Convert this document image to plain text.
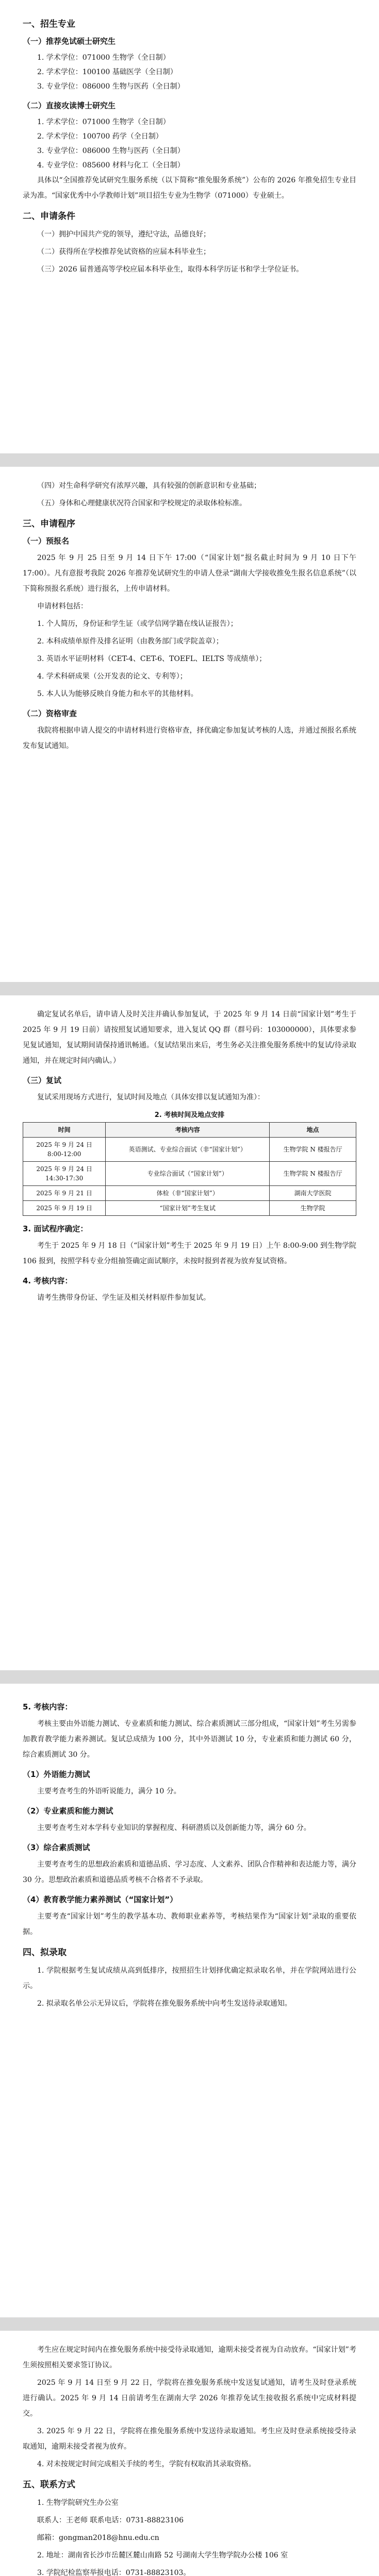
一、招生专业
（一）推荐免试硕士研究生

1. 学术学位：071000 生物学（全日制）

2. 学术学位：100100 基础医学（全日制）

3. 专业学位：086000 生物与医药（全日制）

（二）直接攻读博士研究生

1. 学术学位：071000 生物学（全日制）

2. 学术学位：100700 药学（全日制）

3. 专业学位：086000 生物与医药（全日制）

4. 专业学位：085600 材料与化工（全日制）

具体以“全国推荐免试研究生服务系统（以下简称“推免服务系统”）公布的 2026 年推免招生专业目录为准。“国家优秀中小学教师计划”项目招生专业为生物学（071000）专业硕士。

二、申请条件

（一）拥护中国共产党的领导，遵纪守法，品德良好；

（二）获得所在学校推荐免试资格的应届本科毕业生；

（三）2026 届普通高等学校应届本科毕业生，取得本科学历证书和学士学位证书。

（四）对生命科学研究有浓厚兴趣，具有较强的创新意识和专业基础；

（五）身体和心理健康状况符合国家和学校规定的录取体检标准。

三、申请程序
（一）预报名

2025 年 9 月 25 日至 9 月 14 日下午 17:00（“国家计划”报名截止时间为 9 月 10 日下午 17:00）。凡有意报考我院 2026 年推荐免试研究生的申请人登录“湖南大学接收推免生报名信息系统”（以下简称预报名系统）进行报名，上传申请材料。

申请材料包括：

1. 个人简历，身份证和学生证（或学信网学籍在线认证报告）；

2. 本科成绩单原件及排名证明（由教务部门或学院盖章）；

3. 英语水平证明材料（CET-4、CET-6、TOEFL、IELTS 等成绩单）；

4. 学术科研成果（公开发表的论文、专利等）；

5. 本人认为能够反映自身能力和水平的其他材料。

（二）资格审查

我院将根据申请人提交的申请材料进行资格审查，择优确定参加复试考核的人选，并通过预报名系统发布复试通知。

确定复试名单后，请申请人及时关注并确认参加复试，于 2025 年 9 月 14 日前“国家计划”考生于 2025 年 9 月 19 日前）请按照复试通知要求，进入复试 QQ 群（群号码：103000000），具体要求参见复试通知，复试期间请保持通讯畅通。（复试结果出来后，考生务必关注推免服务系统中的复试/待录取通知，并在规定时间内确认。）

（三）复试

复试采用现场方式进行，复试时间及地点（具体安排以复试通知为准）：

2. 考核时间及地点安排
时间	考核内容	地点
2025 年 9 月 24 日
8:00-12:00	英语测试、专业综合面试（非“国家计划”）	生物学院 N 楼报告厅
2025 年 9 月 24 日
14:30-17:30	专业综合面试（“国家计划”）	生物学院 N 楼报告厅
2025 年 9 月 21 日	体检（非“国家计划”）	湖南大学医院
2025 年 9 月 19 日	“国家计划”考生复试	生物学院
3. 面试程序确定：

考生于 2025 年 9 月 18 日（“国家计划”考生于 2025 年 9 月 19 日）上午 8:00-9:00 到生物学院 106 报到，按照学科专业分组抽签确定面试顺序，未按时报到者视为放弃复试资格。

4. 考核内容：

请考生携带身份证、学生证及相关材料原件参加复试。

5. 考核内容：

考核主要由外语能力测试、专业素质和能力测试、综合素质测试三部分组成，“国家计划”考生另需参加教育教学能力素养测试。复试总成绩为 100 分，其中外语测试 10 分，专业素质和能力测试 60 分，综合素质测试 30 分。

（1）外语能力测试

主要考查考生的外语听说能力，满分 10 分。

（2）专业素质和能力测试

主要考查考生对本学科专业知识的掌握程度、科研潜质以及创新能力等，满分 60 分。

（3）综合素质测试

主要考查考生的思想政治素质和道德品质、学习态度、人文素养、团队合作精神和表达能力等，满分 30 分。思想政治素质和道德品质考核不合格者不予录取。

（4）教育教学能力素养测试（“国家计划”）

主要考查“国家计划”考生的教学基本功、教师职业素养等，考核结果作为“国家计划”录取的重要依据。

四、拟录取

1. 学院根据考生复试成绩从高到低排序，按照招生计划择优确定拟录取名单，并在学院网站进行公示。

2. 拟录取名单公示无异议后，学院将在推免服务系统中向考生发送待录取通知。

考生应在规定时间内在推免服务系统中接受待录取通知，逾期未接受者视为自动放弃。“国家计划”考生须按照相关要求签订协议。

2025 年 9 月 14 日至 9 月 22 日，学院将在推免服务系统中发送复试通知，请考生及时登录系统进行确认。2025 年 9 月 14 日前请考生在湖南大学 2026 年推荐免试生接收报名系统中完成材料提交。

3. 2025 年 9 月 22 日，学院将在推免服务系统中发送待录取通知。考生应及时登录系统接受待录取通知，逾期未接受者视为放弃。

4. 对未按规定时间完成相关手续的考生，学院有权取消其录取资格。

五、联系方式

1. 生物学院研究生办公室

联系人：王老师 联系电话：0731-88823106

邮箱：gongman2018@hnu.edu.cn

2. 地址：湖南省长沙市岳麓区麓山南路 52 号湖南大学生物学院办公楼 106 室

3. 学院纪检监察举报电话：0731-88823103。
